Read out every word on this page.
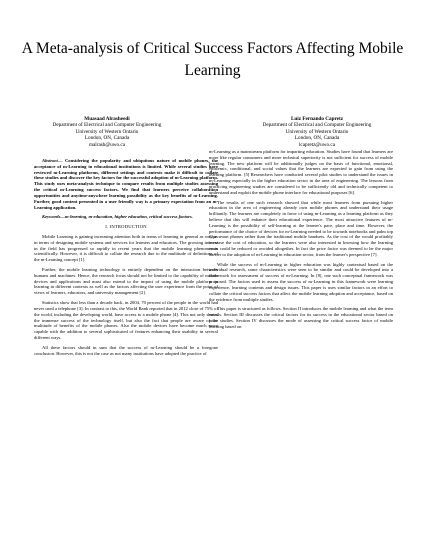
A Meta-analysis of Critical Success Factors Affecting Mobile Learning
Muasaad Alrasheedi
Department of Electrical and Computer Engineering
University of Western Ontario
London, ON, Canada
malrash@uwo.ca
Luiz Fernando Capretz
Department of Electrical and Computer Engineering
University of Western Ontario
London, ON, Canada
lcapretz@uwo.ca

Abstract— Considering the popularity and ubiquitous nature of mobile phones, the acceptance of m-Learning in educational institutions is limited. While several studies have reviewed m-Learning platforms, different settings and contexts make it difficult to collate these studies and discover the key factors for the successful adoption of m-Learning platform. This study uses meta-analysis technique to compare results from multiple studies assessing the critical m-Learning success factors. We find that learners perceive collaboration opportunities and anytime-anywhere learning possibility as the key benefits of m-Learning. Further, good content presented in a user friendly way is a primary expectation from an m-Learning application.

Keywords—m-learning, m-education, higher education, critical success factors.

I. INTRODUCTION

Mobile Learning is gaining increasing attention both in terms of learning in general as well as in terms of designing mobile systems and services for learners and educators. The growing interest in the field has progressed so rapidly in recent years that the mobile learning phenomenon scientifically. However, it is difficult to collate the research due to the multitude of definitions of the m-Learning concept [1].

Further, the mobile learning technology is entirely dependent on the interaction between humans and machines. Hence, the research focus should not be limited to the capability of mobile devices and applications and must also extend to the impact of using the mobile platform in learning in different contexts as well as the factors affecting the user experience from the point of views of learners, educators, and university management [2].

Statistics show that less than a decade back, in 2004, 70 percent of the people in the world had never used a telephone [3]. In contrast to this, the World Bank reported that in 2012 close of 75% of the world, including the developing world, have access to a mobile phone [4]. This not only shows the immense success of the technology itself, but also the fact that people are aware of the multitude of benefits of the mobile phones. Also the mobile devices have become much more capable with the addition to several sophisticated of features enhancing their usability in several different ways.

All these factors should in sum that the success of m-Learning should be a foregone conclusion. However, this is not the case as not many institutions have adopted the practice of

m-Learning as a mainstream platform for imparting education. Studies have found that learners are more like regular consumers and more technical superiority is not sufficient for success of mobile learning. The new platform will be additionally judges on the basis of functional, emotional, epistemic, conditional, and social values that the learners are expected to gain from using the learning platform. [5] Researchers have conducted several pilot studies to understand the issues in m-Learning especially in the higher education sector in the area of engineering. The lessons from practicing engineering studies are considered to be sufficiently old and technically competent to understand and exploit the mobile phone interface for educational purposes [6].

The results of one such research showed that while most learners from pursuing higher education in the area of engineering already own mobile phones and understand their usage brilliantly. The learners are completely in favor of using m-Learning as a learning platform as they believe that this will enhance their educational experience. The most attractive features of m-Learning is the possibility of self-learning at the learner's pace, place and time. However, the performance of the choice of devices for m-Learning needed to be towards notebooks and palm top type smart phones rather than the traditional mobile handsets. As the cost of the would profitably increase the cost of education, so the learners were also interested in knowing how the learning costs could be reduced or avoided altogether. In fact the price factor was deemed to be the major barrier to the adoption of m-Learning in education sector, from the learner's perspective [7].

While the success of m-Learning in higher education was highly contextual based on the individual research, some characteristics were seen to be similar and could be developed into a framework for assessment of success of m-Learning. In [8], one such conceptual framework was proposed. The factors used to assess the success of m-Learning in this framework were learning experience, learning contents and design issues. This paper is uses similar factors in an effort to collate the critical success factors that affect the mobile learning adoption and acceptance, based on the evidence from multiple studies.

This paper is structured as follows. Section II introduces the mobile learning and what the term entails. Section III discusses the critical factors for its success in the educational sector based on prior studies. Section IV discusses the mode of assessing the critical success factor of mobile learning based on
